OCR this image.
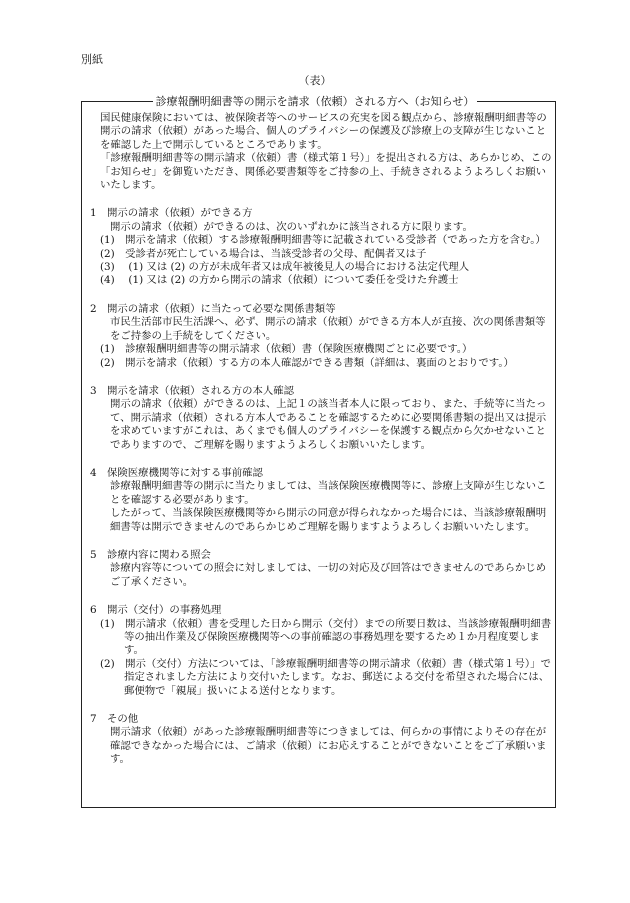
別紙
（表）
診療報酬明細書等の開示を請求（依頼）される方へ（お知らせ）

国民健康保険においては、被保険者等へのサービスの充実を図る観点から、診療報酬明細書等の開示の請求（依頼）があった場合、個人のプライバシーの保護及び診療上の支障が生じないことを確認した上で開示しているところであります。

「診療報酬明細書等の開示請求（依頼）書（様式第１号）」を提出される方は、あらかじめ、この「お知らせ」を御覧いただき、関係必要書類等をご持参の上、手続きされるようよろしくお願いいたします。

1　開示の請求（依頼）ができる方

開示の請求（依頼）ができるのは、次のいずれかに該当される方に限ります。

(1)　開示を請求（依頼）する診療報酬明細書等に記載されている受診者（であった方を含む。）

(2)　受診者が死亡している場合は、当該受診者の父母、配偶者又は子

(3)　 (1) 又は (2) の方が未成年者又は成年被後見人の場合における法定代理人

(4)　 (1) 又は (2) の方から開示の請求（依頼）について委任を受けた弁護士

2　開示の請求（依頼）に当たって必要な関係書類等

市民生活部市民生活課へ、必ず、開示の請求（依頼）ができる方本人が直接、次の関係書類等をご持参の上手続をしてください。

(1)　診療報酬明細書等の開示請求（依頼）書（保険医療機関ごとに必要です。）

(2)　開示を請求（依頼）する方の本人確認ができる書類（詳細は、裏面のとおりです。）

3　開示を請求（依頼）される方の本人確認

開示の請求（依頼）ができるのは、上記１の該当者本人に限っており、また、手続等に当たって、開示請求（依頼）される方本人であることを確認するために必要関係書類の提出又は提示を求めていますがこれは、あくまでも個人のプライバシーを保護する観点から欠かせないことでありますので、ご理解を賜りますようよろしくお願いいたします。

4　保険医療機関等に対する事前確認

診療報酬明細書等の開示に当たりましては、当該保険医療機関等に、診療上支障が生じないことを確認する必要があります。

したがって、当該保険医療機関等から開示の同意が得られなかった場合には、当該診療報酬明細書等は開示できませんのであらかじめご理解を賜りますようよろしくお願いいたします。

5　診療内容に関わる照会

診療内容等についての照会に対しましては、一切の対応及び回答はできませんのであらかじめご了承ください。

6　開示（交付）の事務処理

(1)　開示請求（依頼）書を受理した日から開示（交付）までの所要日数は、当該診療報酬明細書等の抽出作業及び保険医療機関等への事前確認の事務処理を要するため１か月程度要します。

(2)　開示（交付）方法については、「診療報酬明細書等の開示請求（依頼）書（様式第１号）」で指定されました方法により交付いたします。なお、郵送による交付を希望された場合には、郵便物で「親展」扱いによる送付となります。

7　その他

開示請求（依頼）があった診療報酬明細書等につきましては、何らかの事情によりその存在が確認できなかった場合には、ご請求（依頼）にお応えすることができないことをご了承願います。
